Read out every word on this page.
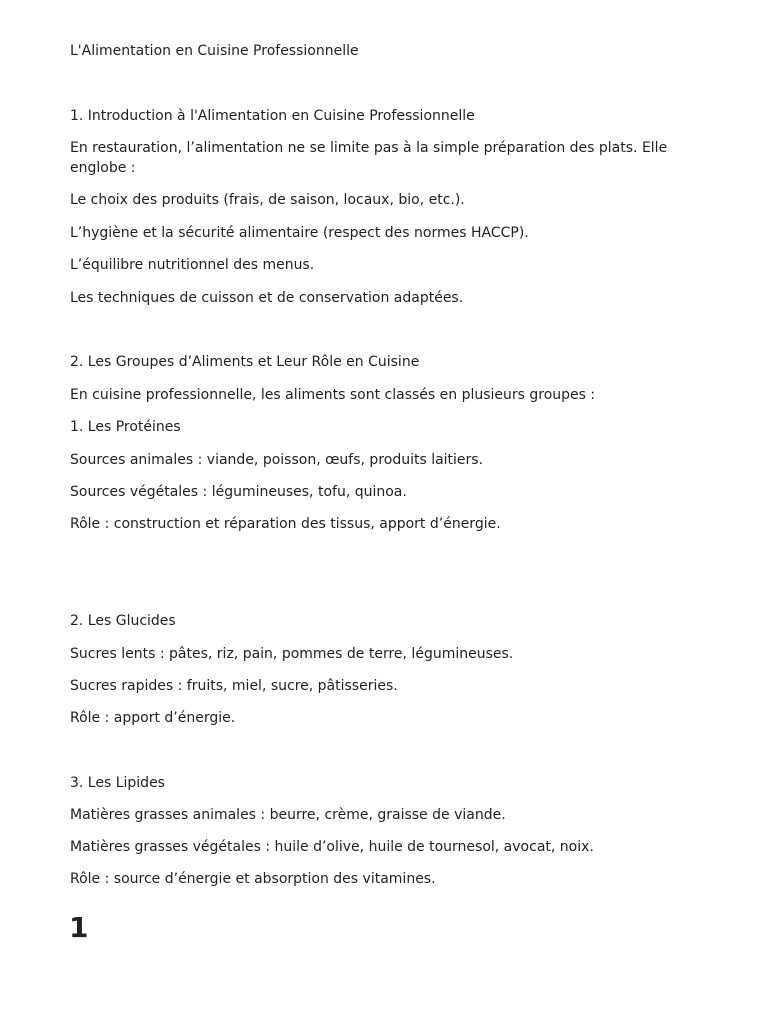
L'Alimentation en Cuisine Professionnelle

1. Introduction à l'Alimentation en Cuisine Professionnelle

En restauration, l’alimentation ne se limite pas à la simple préparation des plats. Elle englobe :

Le choix des produits (frais, de saison, locaux, bio, etc.).

L’hygiène et la sécurité alimentaire (respect des normes HACCP).

L’équilibre nutritionnel des menus.

Les techniques de cuisson et de conservation adaptées.

2. Les Groupes d’Aliments et Leur Rôle en Cuisine

En cuisine professionnelle, les aliments sont classés en plusieurs groupes :

1. Les Protéines

Sources animales : viande, poisson, œufs, produits laitiers.

Sources végétales : légumineuses, tofu, quinoa.

Rôle : construction et réparation des tissus, apport d’énergie.

2. Les Glucides

Sucres lents : pâtes, riz, pain, pommes de terre, légumineuses.

Sucres rapides : fruits, miel, sucre, pâtisseries.

Rôle : apport d’énergie.

3. Les Lipides

Matières grasses animales : beurre, crème, graisse de viande.

Matières grasses végétales : huile d’olive, huile de tournesol, avocat, noix.

Rôle : source d’énergie et absorption des vitamines.

1
